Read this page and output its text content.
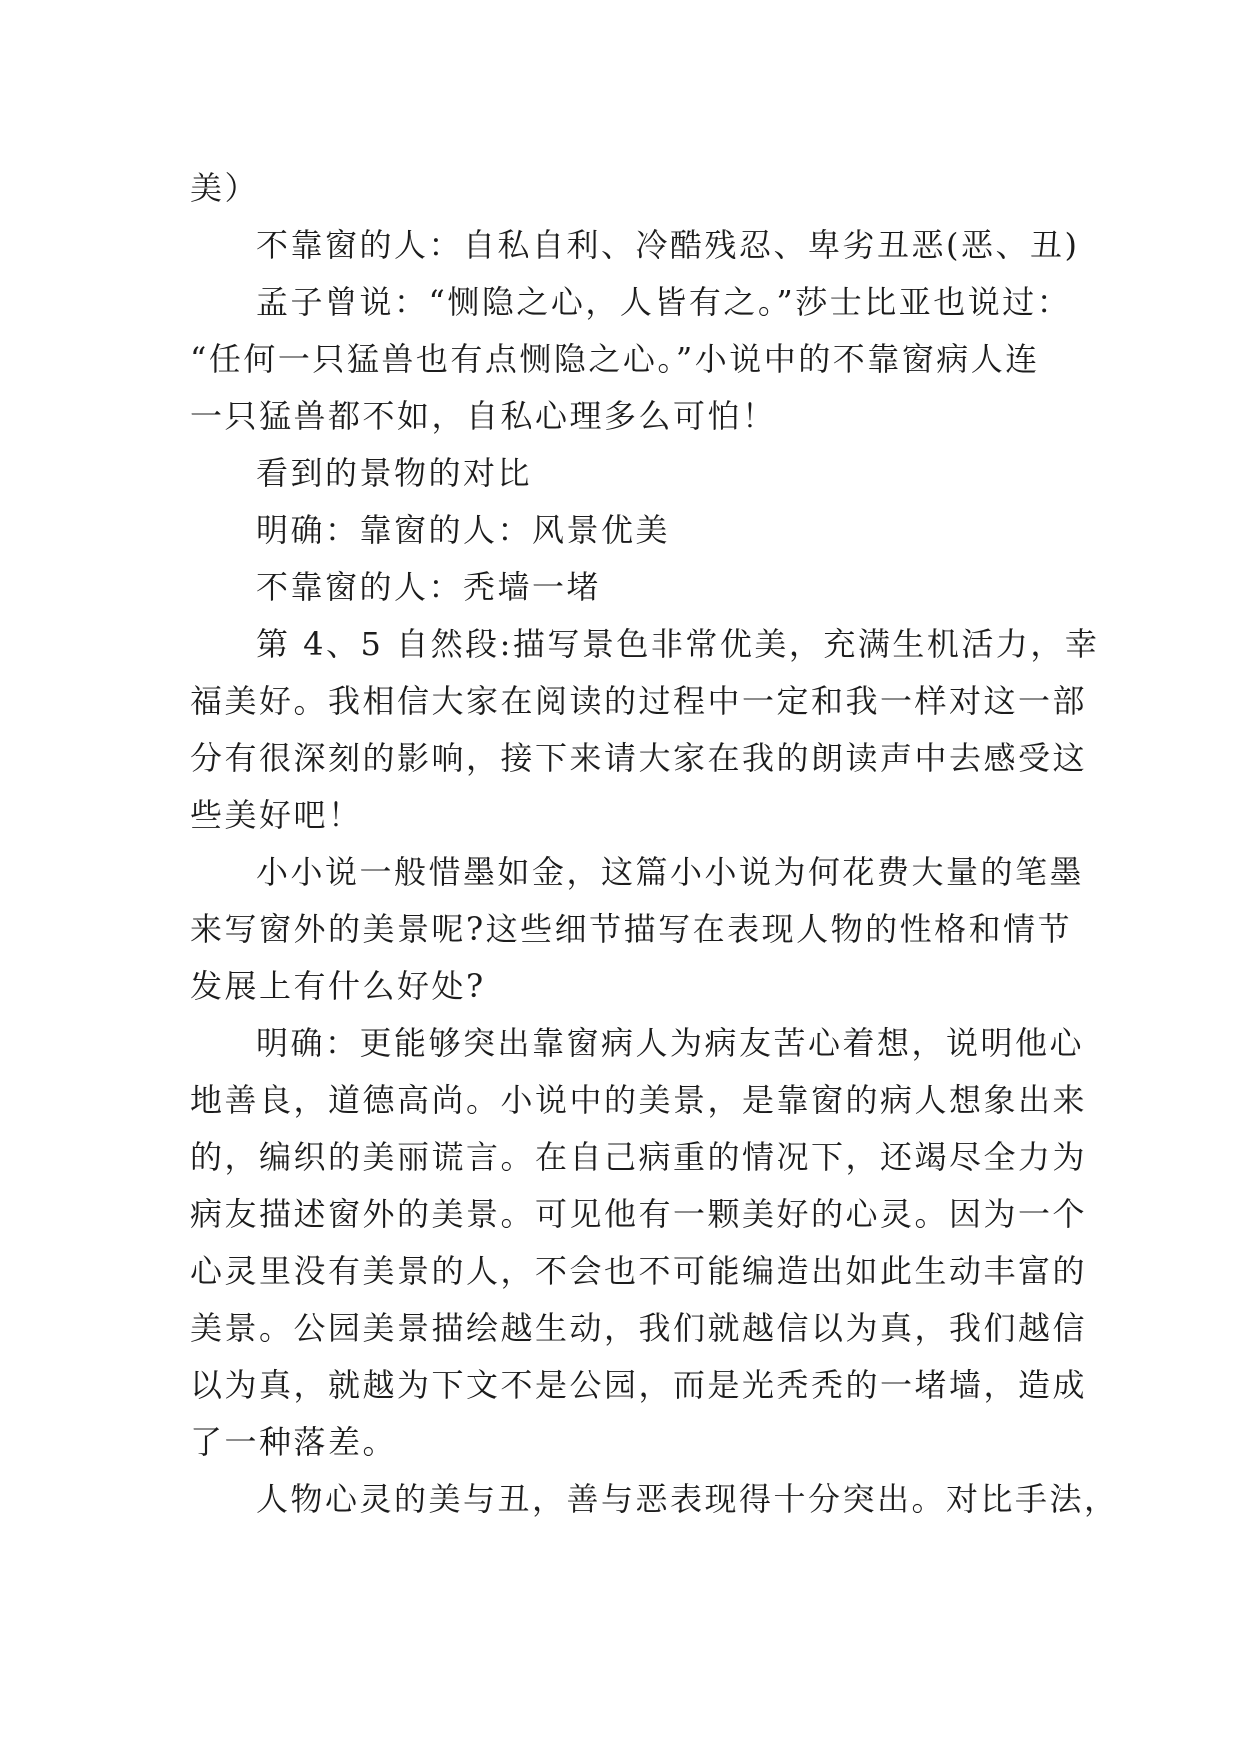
美）
不靠窗的人：自私自利、冷酷残忍、卑劣丑恶(恶、丑)
孟子曾说：“恻隐之心，人皆有之。”莎士比亚也说过：
“任何一只猛兽也有点恻隐之心。”小说中的不靠窗病人连
一只猛兽都不如，自私心理多么可怕！
看到的景物的对比
明确：靠窗的人：风景优美
不靠窗的人：秃墙一堵
第 4、5 自然段:描写景色非常优美，充满生机活力，幸
福美好。我相信大家在阅读的过程中一定和我一样对这一部
分有很深刻的影响，接下来请大家在我的朗读声中去感受这
些美好吧！
小小说一般惜墨如金，这篇小小说为何花费大量的笔墨
来写窗外的美景呢?这些细节描写在表现人物的性格和情节
发展上有什么好处?
明确：更能够突出靠窗病人为病友苦心着想，说明他心
地善良，道德高尚。小说中的美景，是靠窗的病人想象出来
的，编织的美丽谎言。在自己病重的情况下，还竭尽全力为
病友描述窗外的美景。可见他有一颗美好的心灵。因为一个
心灵里没有美景的人，不会也不可能编造出如此生动丰富的
美景。公园美景描绘越生动，我们就越信以为真，我们越信
以为真，就越为下文不是公园，而是光秃秃的一堵墙，造成
了一种落差。
人物心灵的美与丑，善与恶表现得十分突出。对比手法，
